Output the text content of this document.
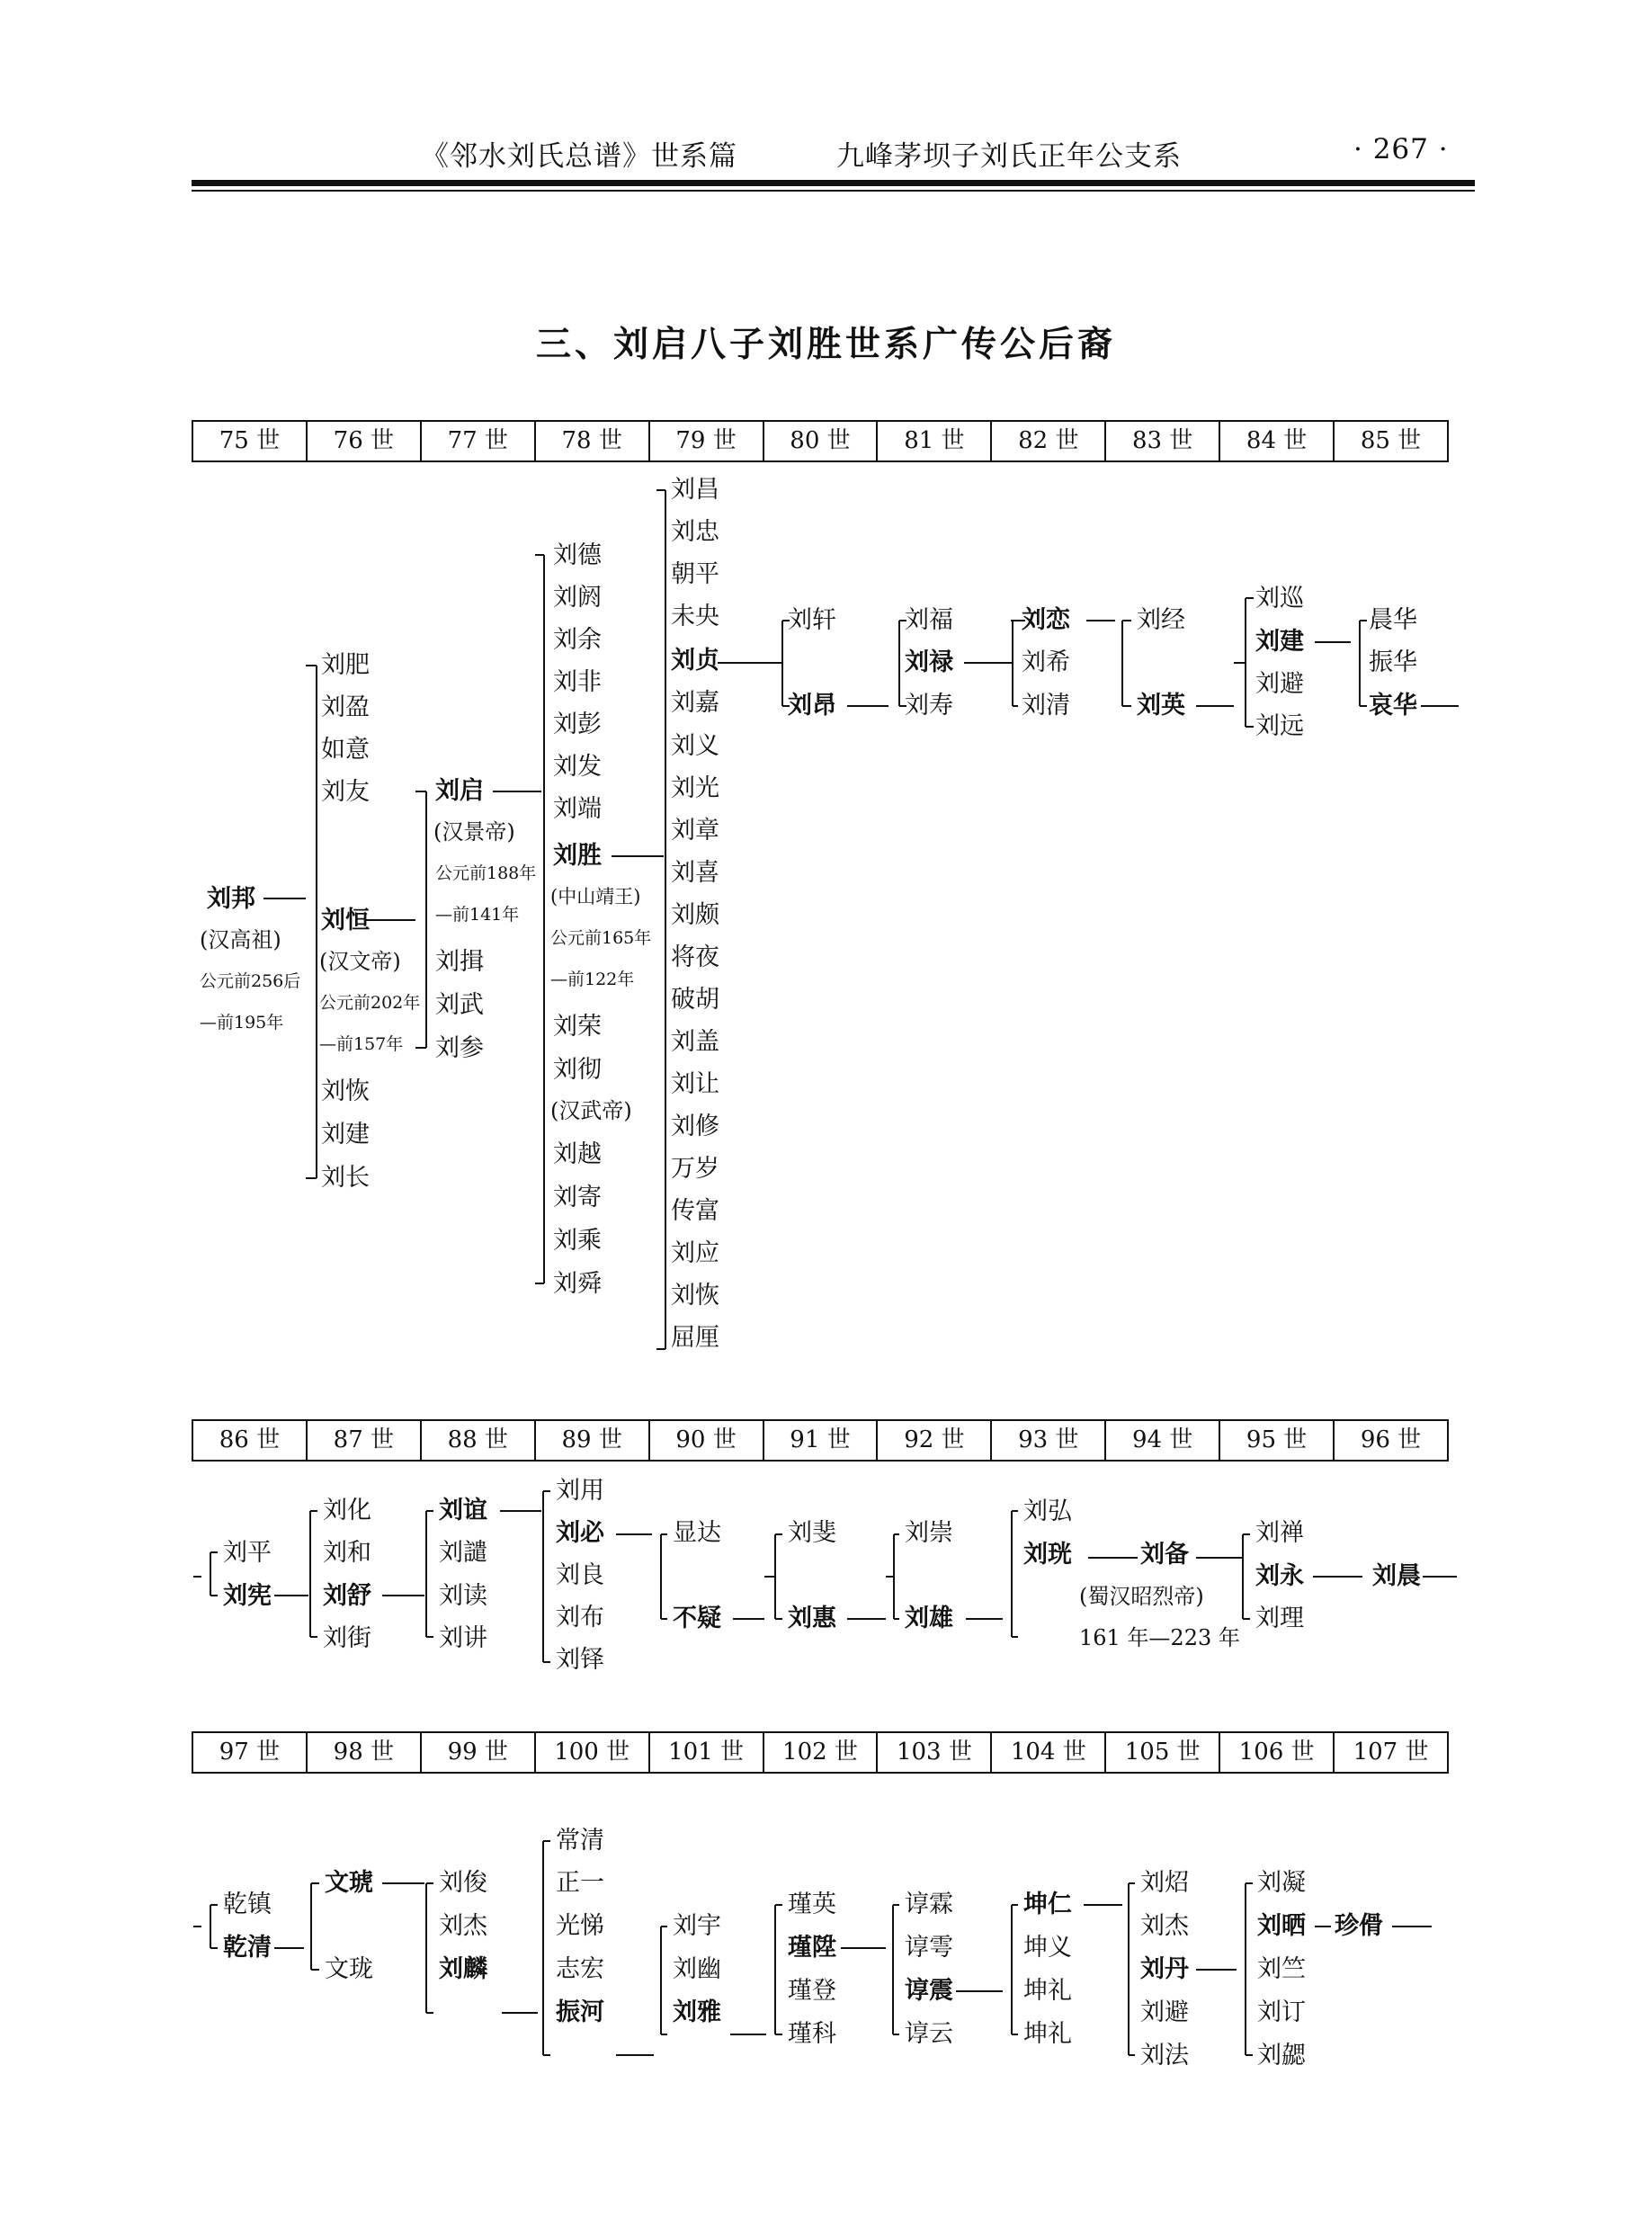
《邻水刘氏总谱》世系篇	九峰茅坝子刘氏正年公支系	· 267 ·
三、刘启八子刘胜世系广传公后裔
75 世	76 世	77 世	78 世	79 世	80 世	81 世	82 世	83 世	84 世	85 世
86 世	87 世	88 世	89 世	90 世	91 世	92 世	93 世	94 世	95 世	96 世
97 世	98 世	99 世	100 世	101 世	102 世	103 世	104 世	105 世	106 世	107 世
刘邦
(汉高祖)
公元前256后
—前195年
刘肥
刘盈
如意
刘友
刘恒
(汉文帝)
公元前202年
—前157年
刘恢
刘建
刘长
刘启
(汉景帝)
公元前188年
—前141年
刘揖
刘武
刘参
刘德
刘阏
刘余
刘非
刘彭
刘发
刘端
刘胜
(中山靖王)
公元前165年
—前122年
刘荣
刘彻
(汉武帝)
刘越
刘寄
刘乘
刘舜
刘昌
刘忠
朝平
未央
刘贞
刘嘉
刘义
刘光
刘章
刘喜
刘颇
将夜
破胡
刘盖
刘让
刘修
万岁
传富
刘应
刘恢
屈厘
刘轩
刘昂
刘福
刘禄
刘寿
刘恋
刘希
刘清
刘经
刘英
刘巡
刘建
刘避
刘远
晨华
振华
哀华
刘平
刘宪
刘化
刘和
刘舒
刘街
刘谊
刘譴
刘读
刘讲
刘用
刘必
刘良
刘布
刘铎
显达
不疑
刘斐
刘惠
刘崇
刘雄
刘弘
刘珖	刘备
(蜀汉昭烈帝)
161 年—223 年
刘禅
刘永
刘理
刘晨
乾镇
乾清
文琥
文珑
刘俊
刘杰
刘麟
常清
正一
光悌
志宏
振河
刘宇
刘幽
刘雅
瑾英
瑾陞
瑾登
瑾科
谆霖
谆雩
谆震
谆云
坤仁
坤义
坤礼
坤礼
刘炤
刘杰
刘丹
刘避
刘法
刘凝
刘晒
刘竺
刘订
刘勰
珍傦
